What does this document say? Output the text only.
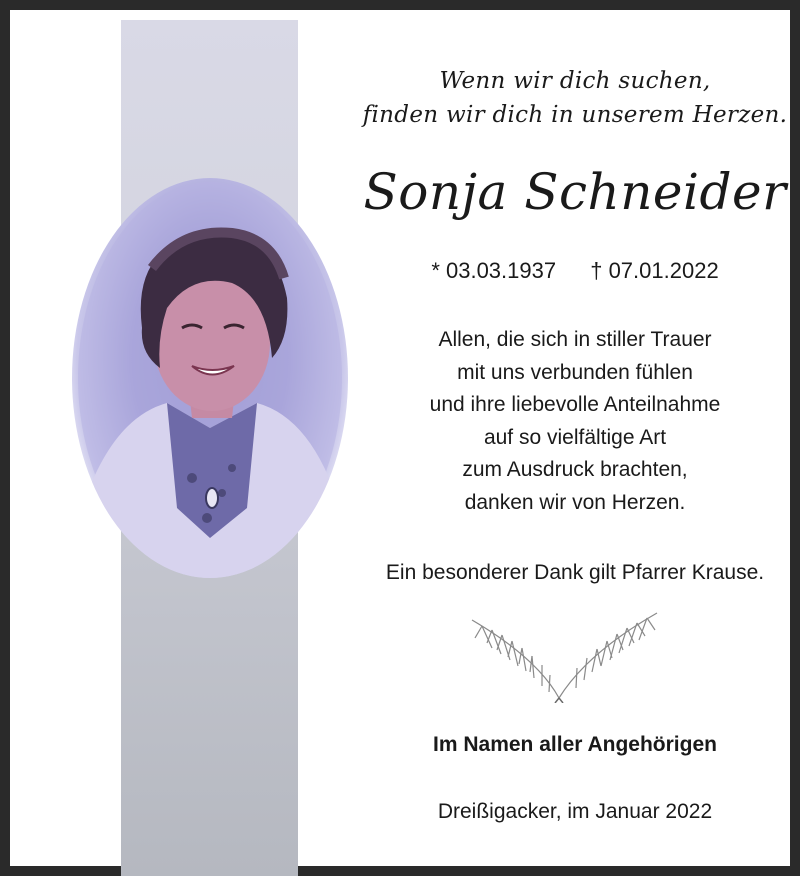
Wenn wir dich suchen,
finden wir dich in unserem Herzen.
Sonja Schneider
* 03.03.1937 † 07.01.2022
Allen, die sich in stiller Trauer
mit uns verbunden fühlen
und ihre liebevolle Anteilnahme
auf so vielfältige Art
zum Ausdruck brachten,
danken wir von Herzen.
Ein besonderer Dank gilt Pfarrer Krause.
Im Namen aller Angehörigen
Dreißigacker, im Januar 2022
